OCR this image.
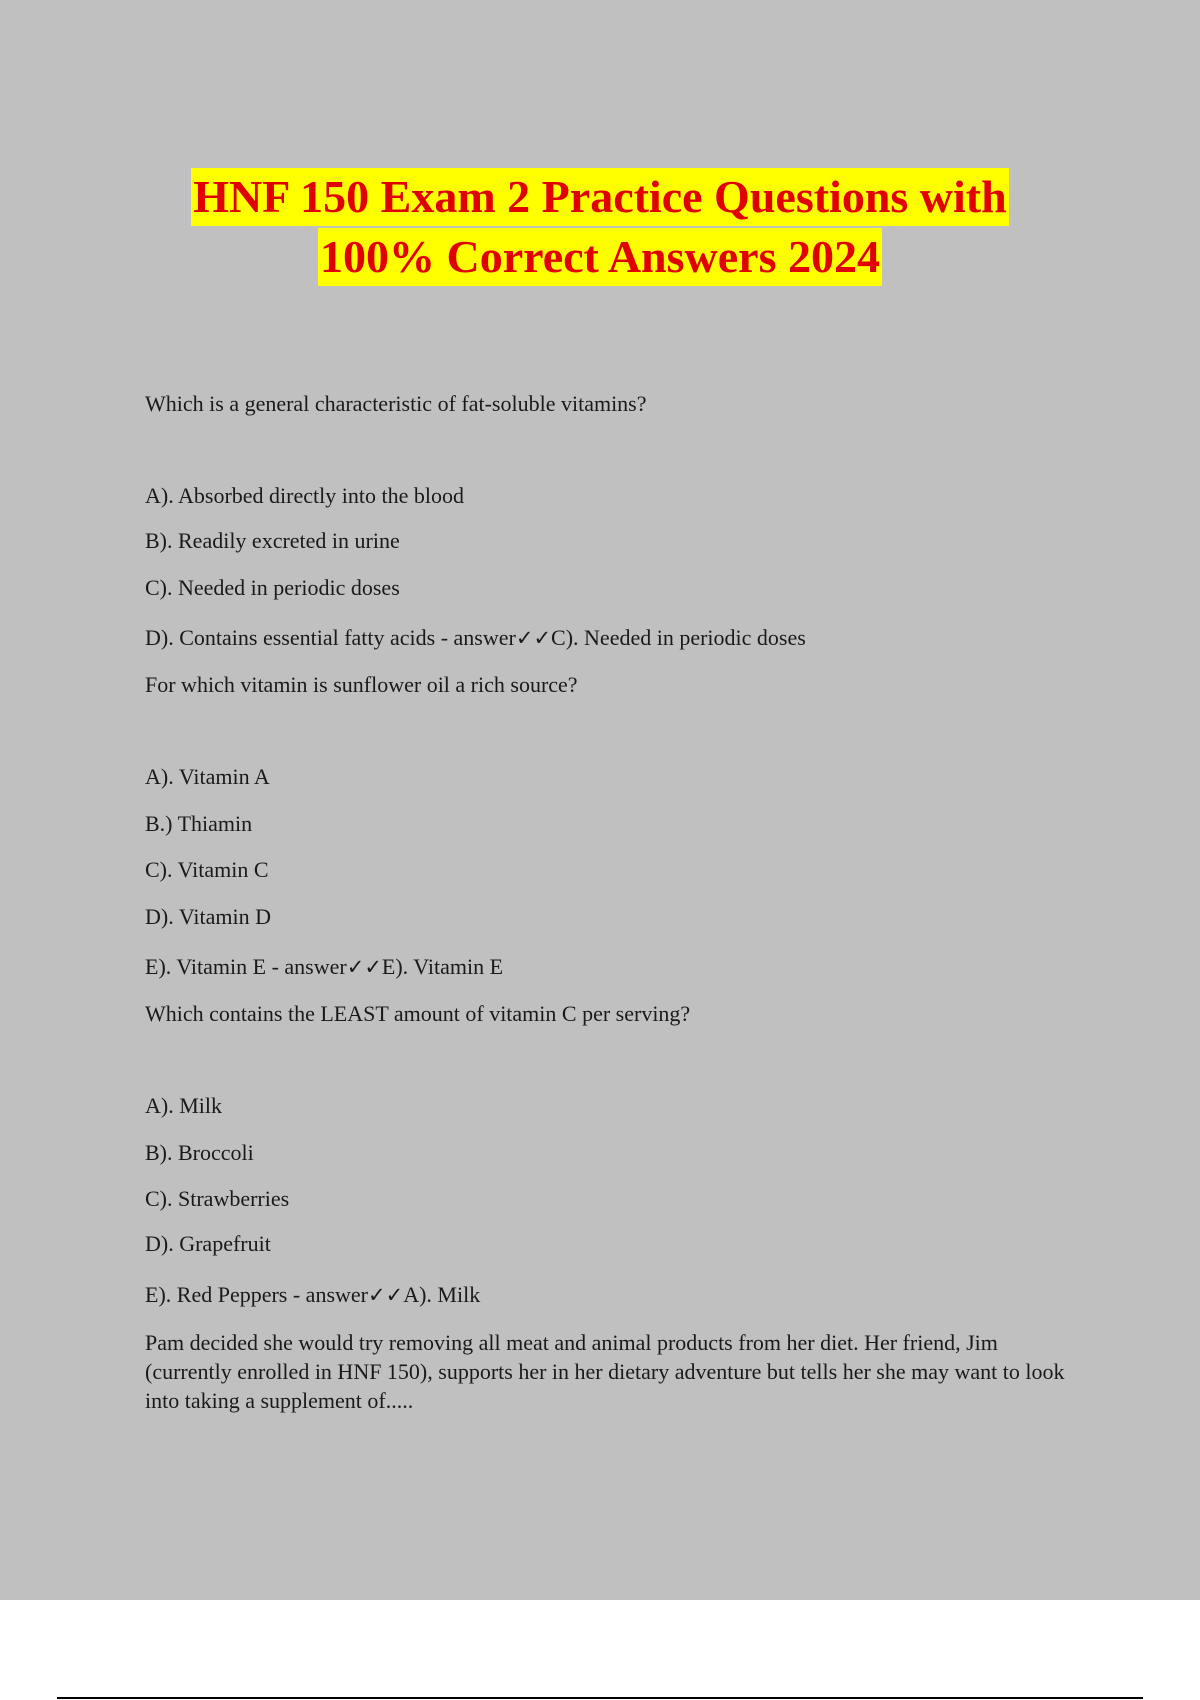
HNF 150 Exam 2 Practice Questions with
100% Correct Answers 2024
Which is a general characteristic of fat-soluble vitamins?
A). Absorbed directly into the blood
B). Readily excreted in urine
C). Needed in periodic doses
D). Contains essential fatty acids - answer✓✓C). Needed in periodic doses
For which vitamin is sunflower oil a rich source?
A). Vitamin A
B.) Thiamin
C). Vitamin C
D). Vitamin D
E). Vitamin E - answer✓✓E). Vitamin E
Which contains the LEAST amount of vitamin C per serving?
A). Milk
B). Broccoli
C). Strawberries
D). Grapefruit
E). Red Peppers - answer✓✓A). Milk
Pam decided she would try removing all meat and animal products from her diet. Her friend, Jim (currently enrolled in HNF 150), supports her in her dietary adventure but tells her she may want to look into taking a supplement of.....
